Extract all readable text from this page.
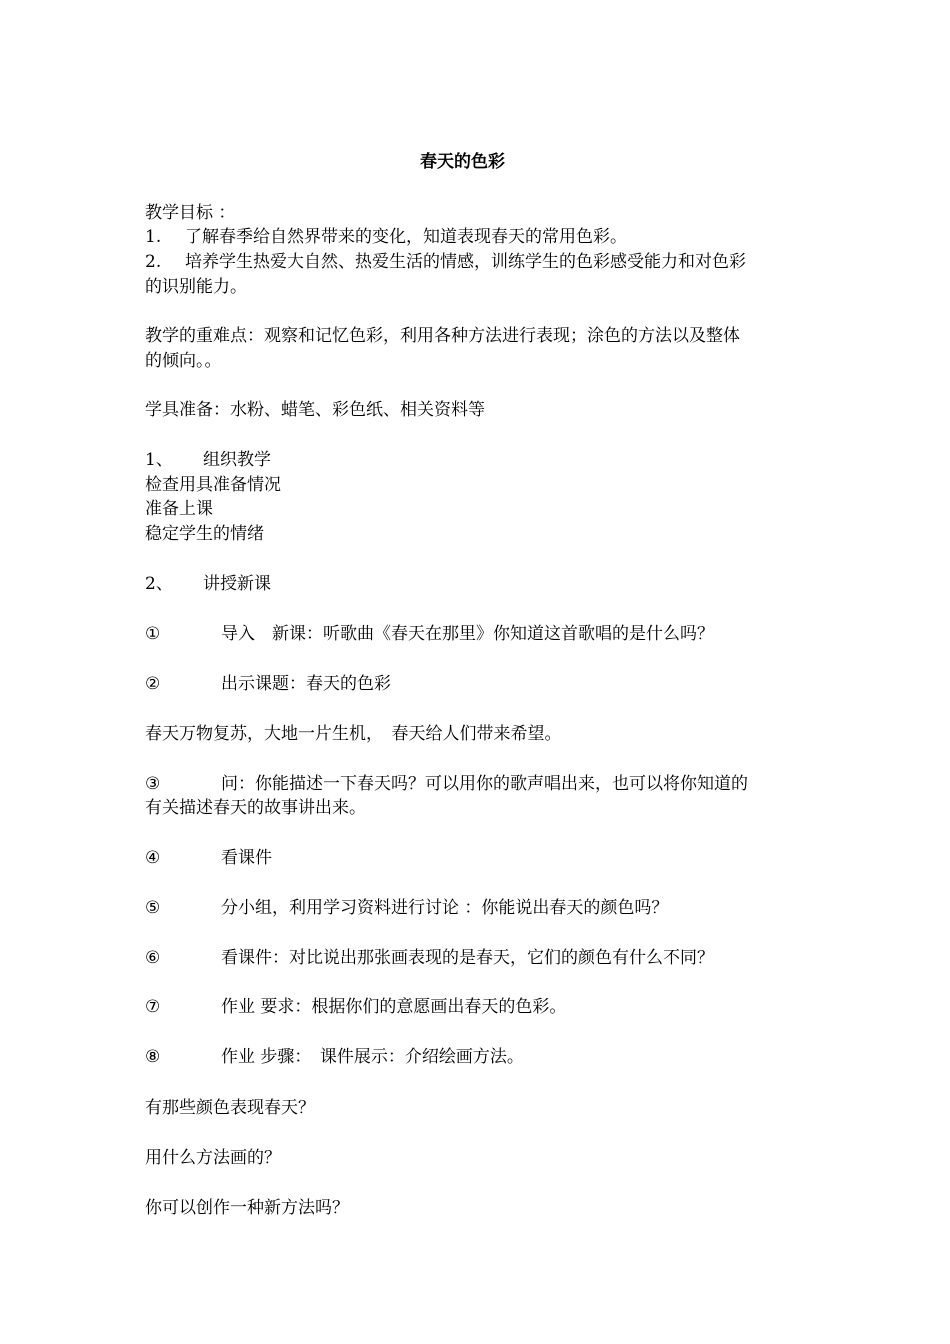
春天的色彩
教学目标 ：
1. 了解春季给自然界带来的变化，知道表现春天的常用色彩。
2. 培养学生热爱大自然、热爱生活的情感，训练学生的色彩感受能力和对色彩
的识别能力。
教学的重难点：观察和记忆色彩，利用各种方法进行表现；涂色的方法以及整体
的倾向。。
学具准备：水粉、蜡笔、彩色纸、相关资料等
1、 组织教学
检查用具准备情况
准备上课
稳定学生的情绪
2、 讲授新课
①	导入　新课：听歌曲《春天在那里》你知道这首歌唱的是什么吗？
②	出示课题：春天的色彩
春天万物复苏，大地一片生机，　春天给人们带来希望。
③	问：你能描述一下春天吗？可以用你的歌声唱出来，也可以将你知道的
有关描述春天的故事讲出来。
④	看课件
⑤	分小组，利用学习资料进行讨论 ：你能说出春天的颜色吗？
⑥	看课件：对比说出那张画表现的是春天，它们的颜色有什么不同？
⑦	作业 要求：根据你们的意愿画出春天的色彩。
⑧	作业 步骤：　课件展示：介绍绘画方法。
有那些颜色表现春天？
用什么方法画的？
你可以创作一种新方法吗？
